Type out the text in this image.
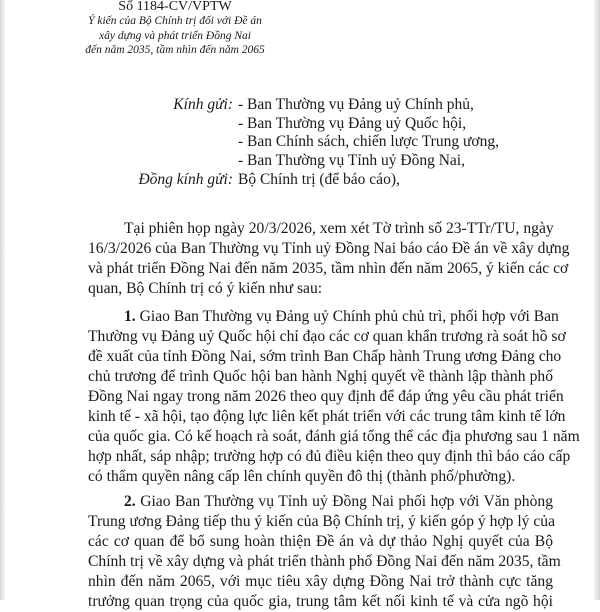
Số 1184-CV/VPTW
Ý kiến của Bộ Chính trị đối với Đề án
xây dựng và phát triển Đồng Nai
đến năm 2035, tầm nhìn đến năm 2065
Kính gửi: - Ban Thường vụ Đảng uỷ Chính phủ,
- Ban Thường vụ Đảng uỷ Quốc hội,
- Ban Chính sách, chiến lược Trung ương,
- Ban Thường vụ Tỉnh uỷ Đồng Nai,
Đồng kính gửi: Bộ Chính trị (để báo cáo),
Tại phiên họp ngày 20/3/2026, xem xét Tờ trình số 23-TTr/TU, ngày
16/3/2026 của Ban Thường vụ Tỉnh uỷ Đồng Nai báo cáo Đề án về xây dựng
và phát triển Đồng Nai đến năm 2035, tầm nhìn đến năm 2065, ý kiến các cơ
quan, Bộ Chính trị có ý kiến như sau:
1. Giao Ban Thường vụ Đảng uỷ Chính phủ chủ trì, phối hợp với Ban
Thường vụ Đảng uỷ Quốc hội chỉ đạo các cơ quan khẩn trương rà soát hồ sơ
đề xuất của tỉnh Đồng Nai, sớm trình Ban Chấp hành Trung ương Đảng cho
chủ trương để trình Quốc hội ban hành Nghị quyết về thành lập thành phố
Đồng Nai ngay trong năm 2026 theo quy định để đáp ứng yêu cầu phát triển
kinh tế - xã hội, tạo động lực liên kết phát triển với các trung tâm kinh tế lớn
của quốc gia. Có kế hoạch rà soát, đánh giá tổng thể các địa phương sau 1 năm
hợp nhất, sáp nhập; trường hợp có đủ điều kiện theo quy định thì báo cáo cấp
có thẩm quyền nâng cấp lên chính quyền đô thị (thành phố/phường).
2. Giao Ban Thường vụ Tỉnh uỷ Đồng Nai phối hợp với Văn phòng
Trung ương Đảng tiếp thu ý kiến của Bộ Chính trị, ý kiến góp ý hợp lý của
các cơ quan để bổ sung hoàn thiện Đề án và dự thảo Nghị quyết của Bộ
Chính trị về xây dựng và phát triển thành phố Đồng Nai đến năm 2035, tầm
nhìn đến năm 2065, với mục tiêu xây dựng Đồng Nai trở thành cực tăng
trưởng quan trọng của quốc gia, trung tâm kết nối kinh tế và cửa ngõ hội
